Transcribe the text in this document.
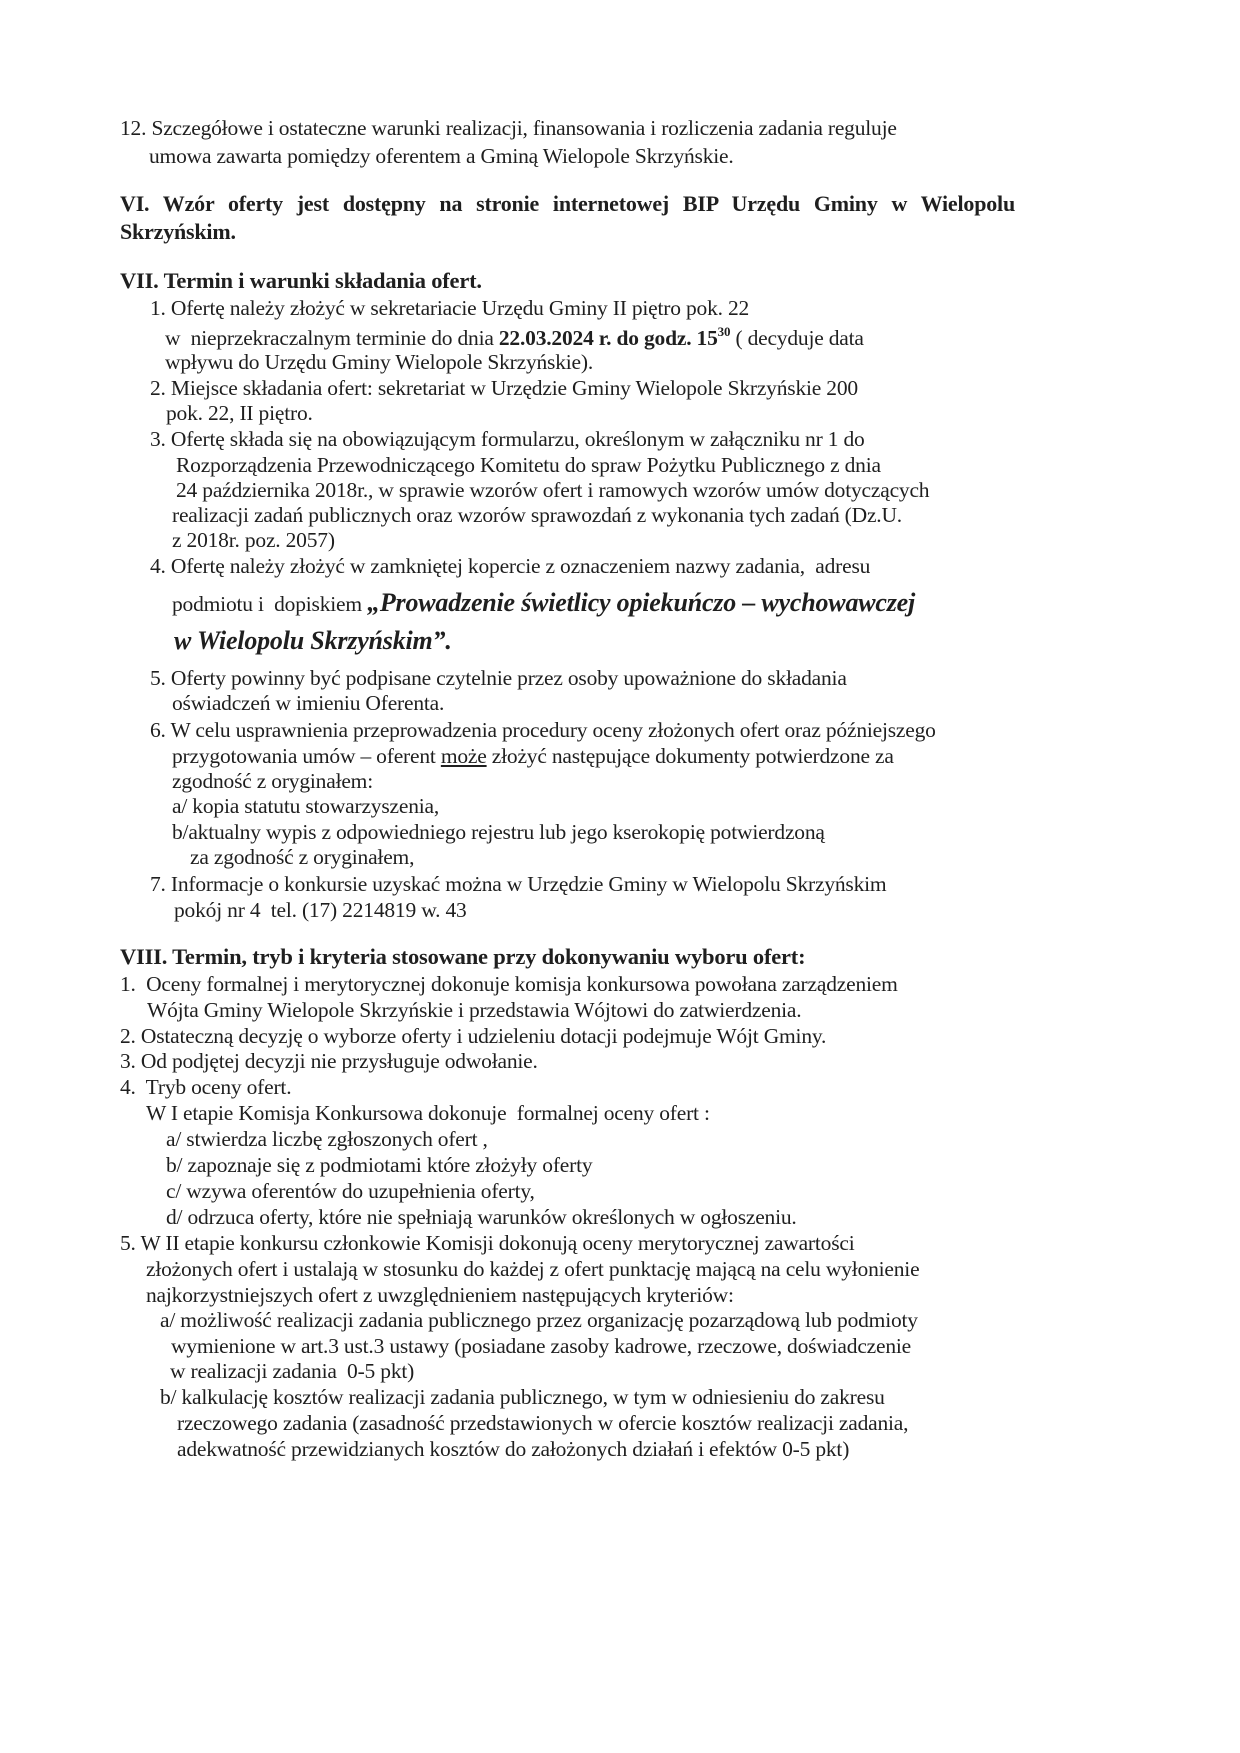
12. Szczegółowe i ostateczne warunki realizacji, finansowania i rozliczenia zadania reguluje
umowa zawarta pomiędzy oferentem a Gminą Wielopole Skrzyńskie.
VI. Wzór oferty jest dostępny na stronie internetowej BIP Urzędu Gminy w Wielopolu
Skrzyńskim.
VII. Termin i warunki składania ofert.
1. Ofertę należy złożyć w sekretariacie Urzędu Gminy II piętro pok. 22
w  nieprzekraczalnym terminie do dnia 22.03.2024 r. do godz. $15^{30}$ ( decyduje data
wpływu do Urzędu Gminy Wielopole Skrzyńskie).
2. Miejsce składania ofert: sekretariat w Urzędzie Gminy Wielopole Skrzyńskie 200
pok. 22, II piętro.
3. Ofertę składa się na obowiązującym formularzu, określonym w załączniku nr 1 do
Rozporządzenia Przewodniczącego Komitetu do spraw Pożytku Publicznego z dnia
24 października 2018r., w sprawie wzorów ofert i ramowych wzorów umów dotyczących
realizacji zadań publicznych oraz wzorów sprawozdań z wykonania tych zadań (Dz.U.
z 2018r. poz. 2057)
4. Ofertę należy złożyć w zamkniętej kopercie z oznaczeniem nazwy zadania,  adresu
podmiotu i  dopiskiem „Prowadzenie świetlicy opiekuńczo – wychowawczej
w Wielopolu Skrzyńskim”.
5. Oferty powinny być podpisane czytelnie przez osoby upoważnione do składania
oświadczeń w imieniu Oferenta.
6. W celu usprawnienia przeprowadzenia procedury oceny złożonych ofert oraz późniejszego
przygotowania umów – oferent może złożyć następujące dokumenty potwierdzone za
zgodność z oryginałem:
a/ kopia statutu stowarzyszenia,
b/aktualny wypis z odpowiedniego rejestru lub jego kserokopię potwierdzoną
za zgodność z oryginałem,
7. Informacje o konkursie uzyskać można w Urzędzie Gminy w Wielopolu Skrzyńskim
pokój nr 4  tel. (17) 2214819 w. 43
VIII. Termin, tryb i kryteria stosowane przy dokonywaniu wyboru ofert:
1.  Oceny formalnej i merytorycznej dokonuje komisja konkursowa powołana zarządzeniem
Wójta Gminy Wielopole Skrzyńskie i przedstawia Wójtowi do zatwierdzenia.
2. Ostateczną decyzję o wyborze oferty i udzieleniu dotacji podejmuje Wójt Gminy.
3. Od podjętej decyzji nie przysługuje odwołanie.
4.  Tryb oceny ofert.
W I etapie Komisja Konkursowa dokonuje  formalnej oceny ofert :
a/ stwierdza liczbę zgłoszonych ofert ,
b/ zapoznaje się z podmiotami które złożyły oferty
c/ wzywa oferentów do uzupełnienia oferty,
d/ odrzuca oferty, które nie spełniają warunków określonych w ogłoszeniu.
5. W II etapie konkursu członkowie Komisji dokonują oceny merytorycznej zawartości
złożonych ofert i ustalają w stosunku do każdej z ofert punktację mającą na celu wyłonienie
najkorzystniejszych ofert z uwzględnieniem następujących kryteriów:
a/ możliwość realizacji zadania publicznego przez organizację pozarządową lub podmioty
wymienione w art.3 ust.3 ustawy (posiadane zasoby kadrowe, rzeczowe, doświadczenie
w realizacji zadania  0-5 pkt)
b/ kalkulację kosztów realizacji zadania publicznego, w tym w odniesieniu do zakresu
rzeczowego zadania (zasadność przedstawionych w ofercie kosztów realizacji zadania,
adekwatność przewidzianych kosztów do założonych działań i efektów 0-5 pkt)
